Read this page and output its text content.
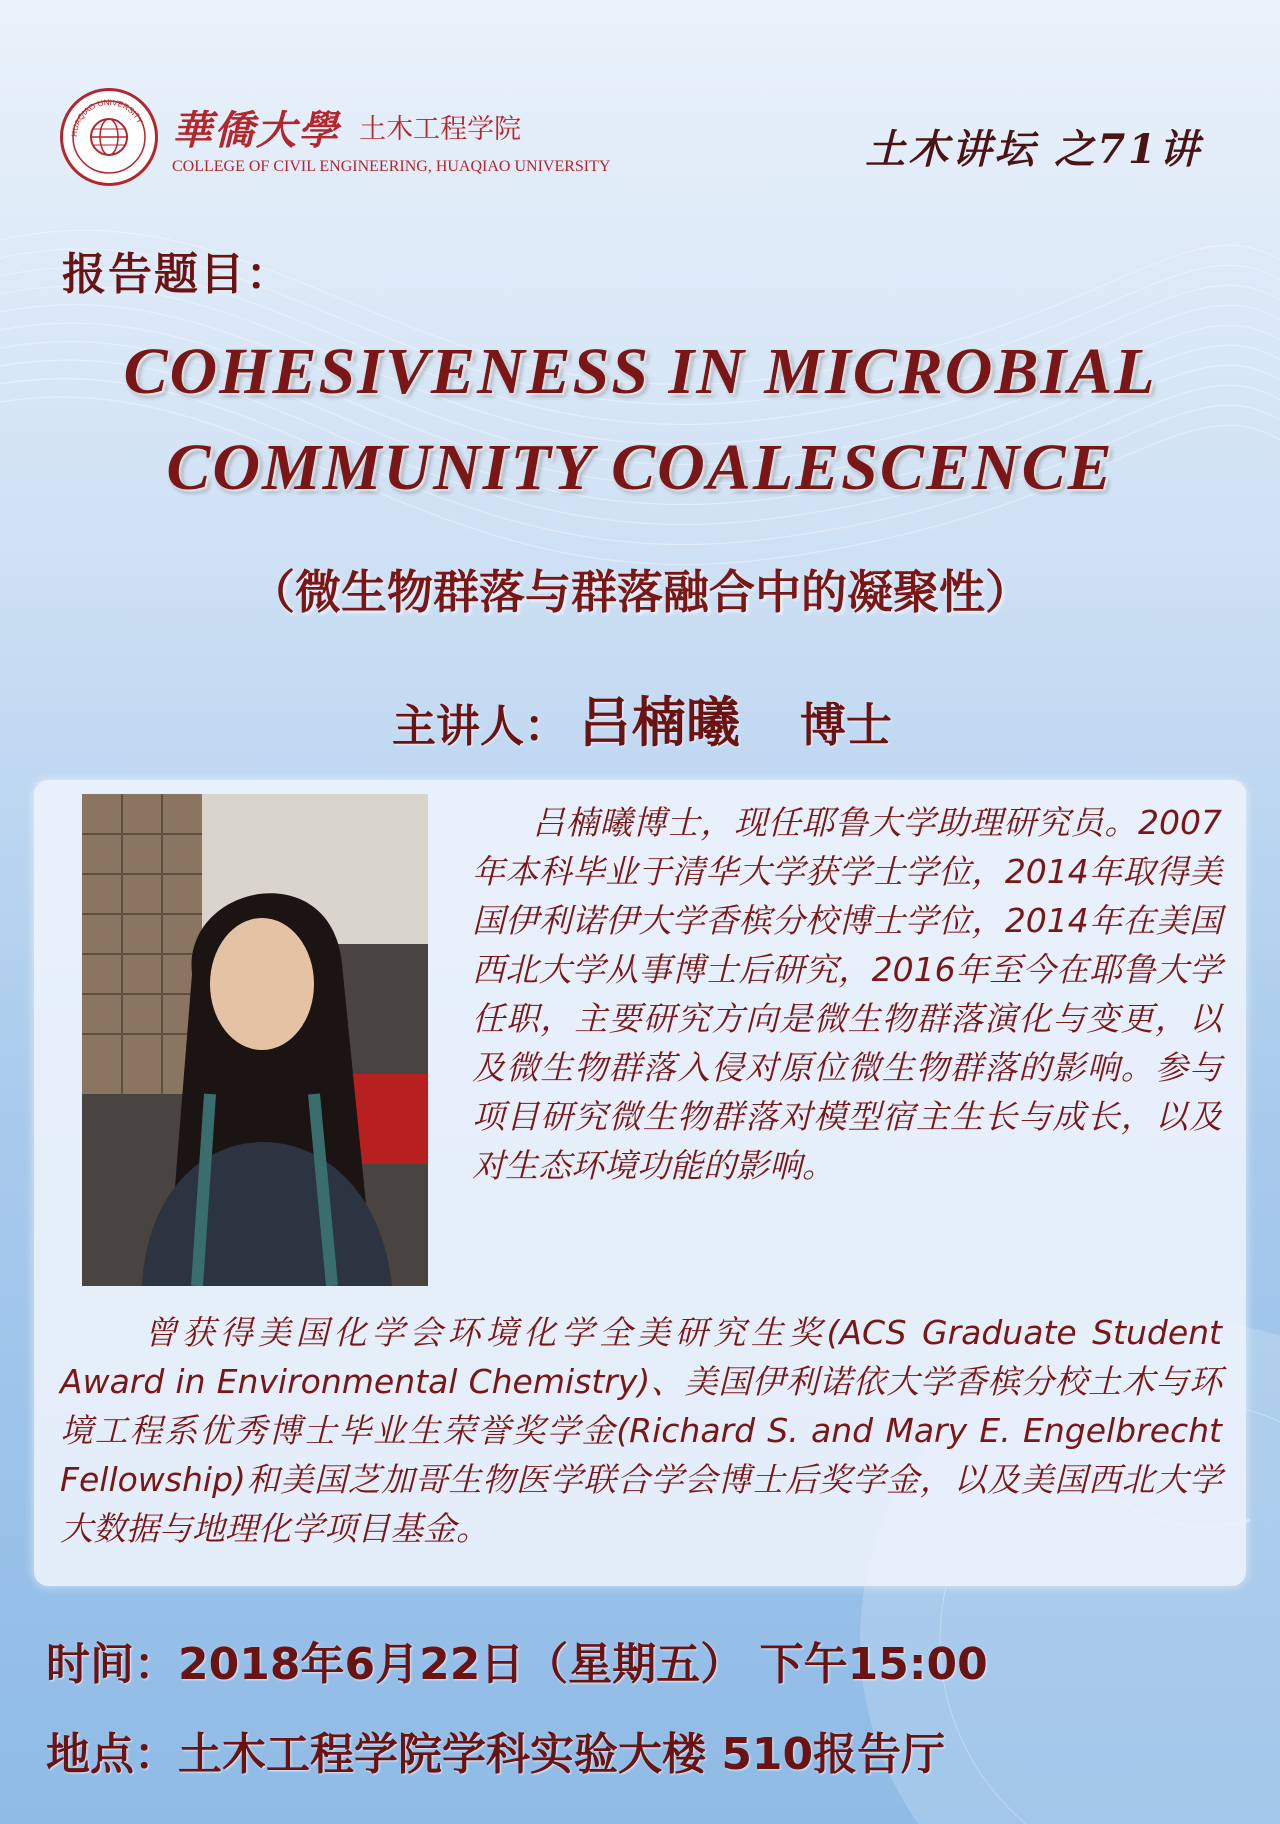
HUAQIAO UNIVERSITY 華僑大學 土木工程学院
COLLEGE OF CIVIL ENGINEERING, HUAQIAO UNIVERSITY	土木讲坛 之71讲
报告题目：
COHESIVENESS IN MICROBIAL
COMMUNITY COALESCENCE
（微生物群落与群落融合中的凝聚性）
主讲人： 吕楠曦 博士
吕楠曦博士，现任耶鲁大学助理研究员。2007年本科毕业于清华大学获学士学位，2014年取得美国伊利诺伊大学香槟分校博士学位，2014年在美国西北大学从事博士后研究，2016年至今在耶鲁大学任职，主要研究方向是微生物群落演化与变更，以及微生物群落入侵对原位微生物群落的影响。参与项目研究微生物群落对模型宿主生长与成长，以及对生态环境功能的影响。
曾获得美国化学会环境化学全美研究生奖(ACS Graduate Student Award in Environmental Chemistry)、美国伊利诺依大学香槟分校土木与环境工程系优秀博士毕业生荣誉奖学金(Richard S. and Mary E. Engelbrecht Fellowship)和美国芝加哥生物医学联合学会博士后奖学金，以及美国西北大学大数据与地理化学项目基金。
时间：2018年6月22日（星期五） 下午15:00
地点：土木工程学院学科实验大楼 510报告厅
